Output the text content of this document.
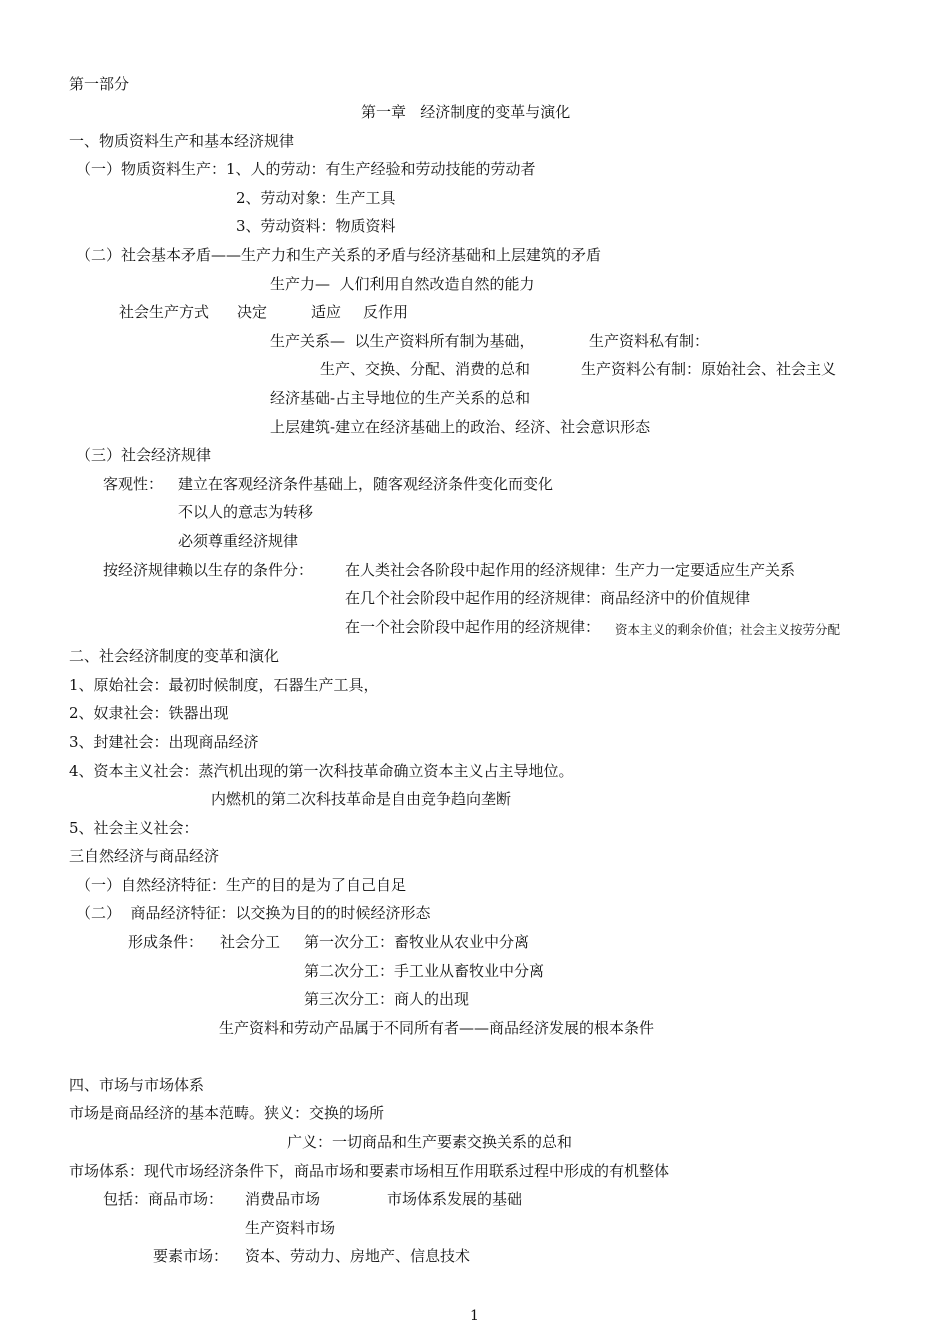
第一部分
第一章   经济制度的变革与演化
一、物质资料生产和基本经济规律
（一）物质资料生产：1、人的劳动：有生产经验和劳动技能的劳动者
2、劳动对象：生产工具
3、劳动资料：物质资料
（二）社会基本矛盾——生产力和生产关系的矛盾与经济基础和上层建筑的矛盾
生产力—  人们利用自然改造自然的能力
社会生产方式 决定	适应 反作用
生产关系—  以生产资料所有制为基础，	生产资料私有制：
生产、交换、分配、消费的总和	生产资料公有制：原始社会、社会主义
经济基础-占主导地位的生产关系的总和
上层建筑-建立在经济基础上的政治、经济、社会意识形态
（三）社会经济规律
客观性： 建立在客观经济条件基础上，随客观经济条件变化而变化
不以人的意志为转移
必须尊重经济规律
按经济规律赖以生存的条件分： 在人类社会各阶段中起作用的经济规律：生产力一定要适应生产关系
在几个社会阶段中起作用的经济规律：商品经济中的价值规律
在一个社会阶段中起作用的经济规律： 资本主义的剩余价值；社会主义按劳分配
二、社会经济制度的变革和演化
1、原始社会：最初时候制度，石器生产工具，
2、奴隶社会：铁器出现
3、封建社会：出现商品经济
4、资本主义社会：蒸汽机出现的第一次科技革命确立资本主义占主导地位。
内燃机的第二次科技革命是自由竞争趋向垄断
5、社会主义社会：
三自然经济与商品经济
（一）自然经济特征：生产的目的是为了自己自足
（二）  商品经济特征：以交换为目的的时候经济形态
形成条件： 社会分工 第一次分工：畜牧业从农业中分离
第二次分工：手工业从畜牧业中分离
第三次分工：商人的出现
生产资料和劳动产品属于不同所有者——商品经济发展的根本条件
四、市场与市场体系
市场是商品经济的基本范畴。狭义：交换的场所
广义：一切商品和生产要素交换关系的总和
市场体系：现代市场经济条件下，商品市场和要素市场相互作用联系过程中形成的有机整体
包括：商品市场： 消费品市场	市场体系发展的基础
生产资料市场
要素市场： 资本、劳动力、房地产、信息技术
1
